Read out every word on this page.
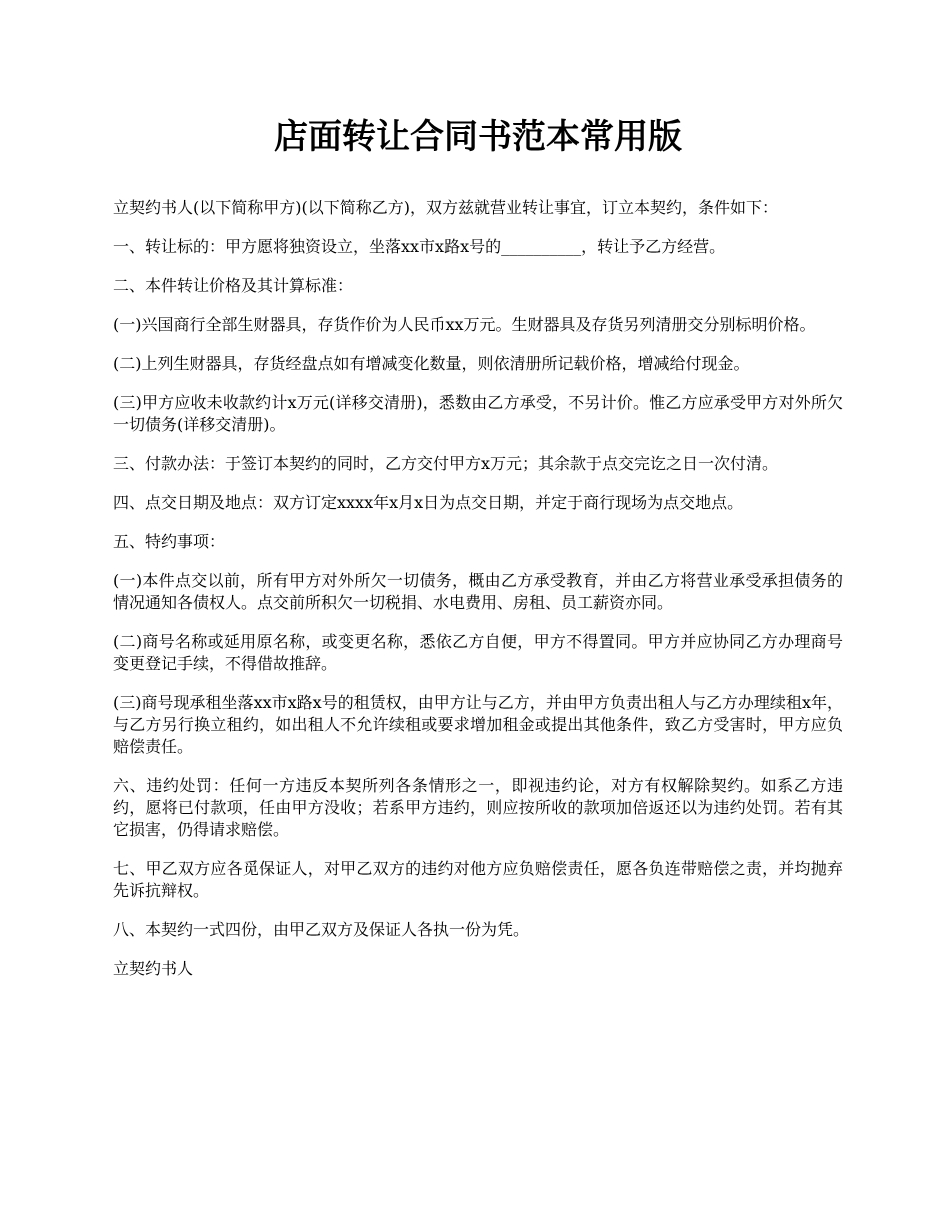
店面转让合同书范本常用版

立契约书人(以下简称甲方)(以下简称乙方)，双方兹就营业转让事宜，订立本契约，条件如下：

一、转让标的：甲方愿将独资设立，坐落xx市x路x号的__________，转让予乙方经营。

二、本件转让价格及其计算标准：

(一)兴国商行全部生财器具，存货作价为人民币xx万元。生财器具及存货另列清册交分别标明价格。

(二)上列生财器具，存货经盘点如有增减变化数量，则依清册所记载价格，增减给付现金。

(三)甲方应收未收款约计x万元(详移交清册)，悉数由乙方承受，不另计价。惟乙方应承受甲方对外所欠一切债务(详移交清册)。

三、付款办法：于签订本契约的同时，乙方交付甲方x万元；其余款于点交完讫之日一次付清。

四、点交日期及地点：双方订定xxxx年x月x日为点交日期，并定于商行现场为点交地点。

五、特约事项：

(一)本件点交以前，所有甲方对外所欠一切债务，概由乙方承受教育，并由乙方将营业承受承担债务的情况通知各债权人。点交前所积欠一切税捐、水电费用、房租、员工薪资亦同。

(二)商号名称或延用原名称，或变更名称，悉依乙方自便，甲方不得置同。甲方并应协同乙方办理商号变更登记手续，不得借故推辞。

(三)商号现承租坐落xx市x路x号的租赁权，由甲方让与乙方，并由甲方负责出租人与乙方办理续租x年，与乙方另行换立租约，如出租人不允许续租或要求增加租金或提出其他条件，致乙方受害时，甲方应负赔偿责任。

六、违约处罚：任何一方违反本契所列各条情形之一，即视违约论，对方有权解除契约。如系乙方违约，愿将已付款项，任由甲方没收；若系甲方违约，则应按所收的款项加倍返还以为违约处罚。若有其它损害，仍得请求赔偿。

七、甲乙双方应各觅保证人，对甲乙双方的违约对他方应负赔偿责任，愿各负连带赔偿之责，并均抛弃先诉抗辩权。

八、本契约一式四份，由甲乙双方及保证人各执一份为凭。

立契约书人
